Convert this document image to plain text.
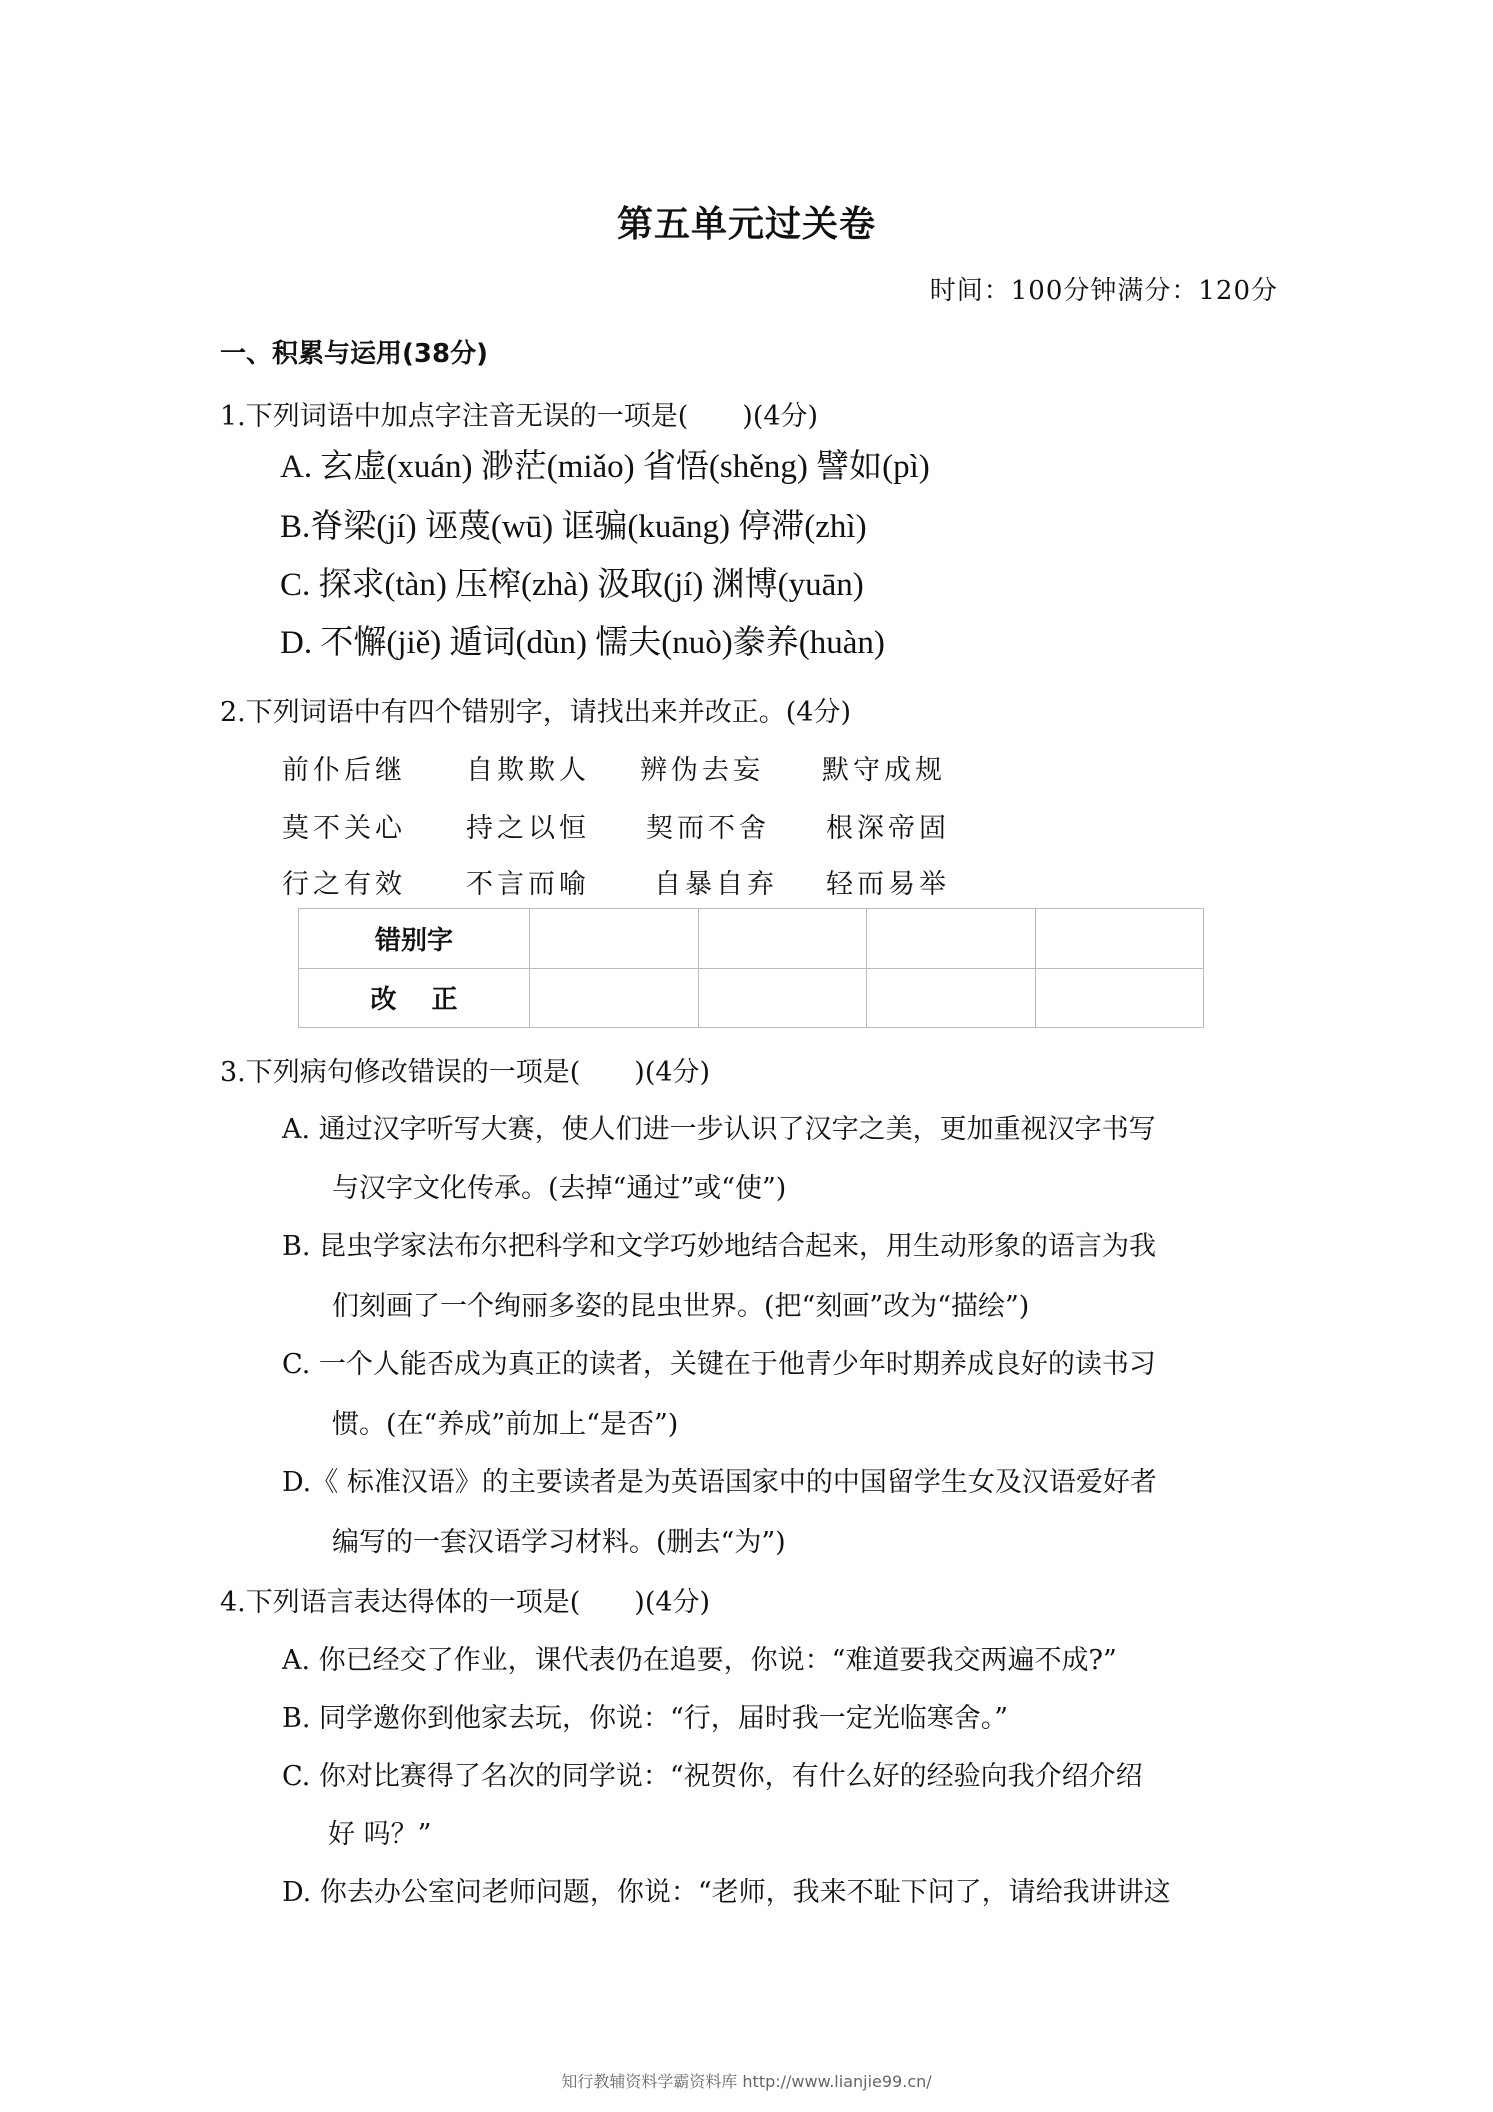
第五单元过关卷
时间：100分钟满分：120分
一、积累与运用(38分)
1.下列词语中加点字注音无误的一项是(　　)(4分)
A. 玄虚(xuán) 渺茫(miǎo) 省悟(shěng) 譬如(pì)
B.脊梁(jí) 诬蔑(wū) 诓骗(kuāng) 停滞(zhì)
C. 探求(tàn) 压榨(zhà) 汲取(jí) 渊博(yuān)
D. 不懈(jiě) 遁词(dùn) 懦夫(nuò)豢养(huàn)
2.下列词语中有四个错别字，请找出来并改正。(4分)
前仆后继 自欺欺人 辨伪去妄 默守成规
莫不关心 持之以恒 契而不舍 根深帝固
行之有效 不言而喻 自暴自弃 轻而易举
错别字				
改　 正				
3.下列病句修改错误的一项是(　　)(4分)
A. 通过汉字听写大赛，使人们进一步认识了汉字之美，更加重视汉字书写
与汉字文化传承。(去掉“通过”或“使”)
B. 昆虫学家法布尔把科学和文学巧妙地结合起来，用生动形象的语言为我
们刻画了一个绚丽多姿的昆虫世界。(把“刻画”改为“描绘”)
C. 一个人能否成为真正的读者，关键在于他青少年时期养成良好的读书习
惯。(在“养成”前加上“是否”)
D.《 标准汉语》的主要读者是为英语国家中的中国留学生女及汉语爱好者
编写的一套汉语学习材料。(删去“为”)
4.下列语言表达得体的一项是(　　)(4分)
A. 你已经交了作业，课代表仍在追要，你说：“难道要我交两遍不成?”
B. 同学邀你到他家去玩，你说：“行，届时我一定光临寒舍。”
C. 你对比赛得了名次的同学说：“祝贺你，有什么好的经验向我介绍介绍
好 吗？”
D. 你去办公室问老师问题，你说：“老师，我来不耻下问了，请给我讲讲这
知行教辅资料学霸资料库 http://www.lianjie99.cn/
